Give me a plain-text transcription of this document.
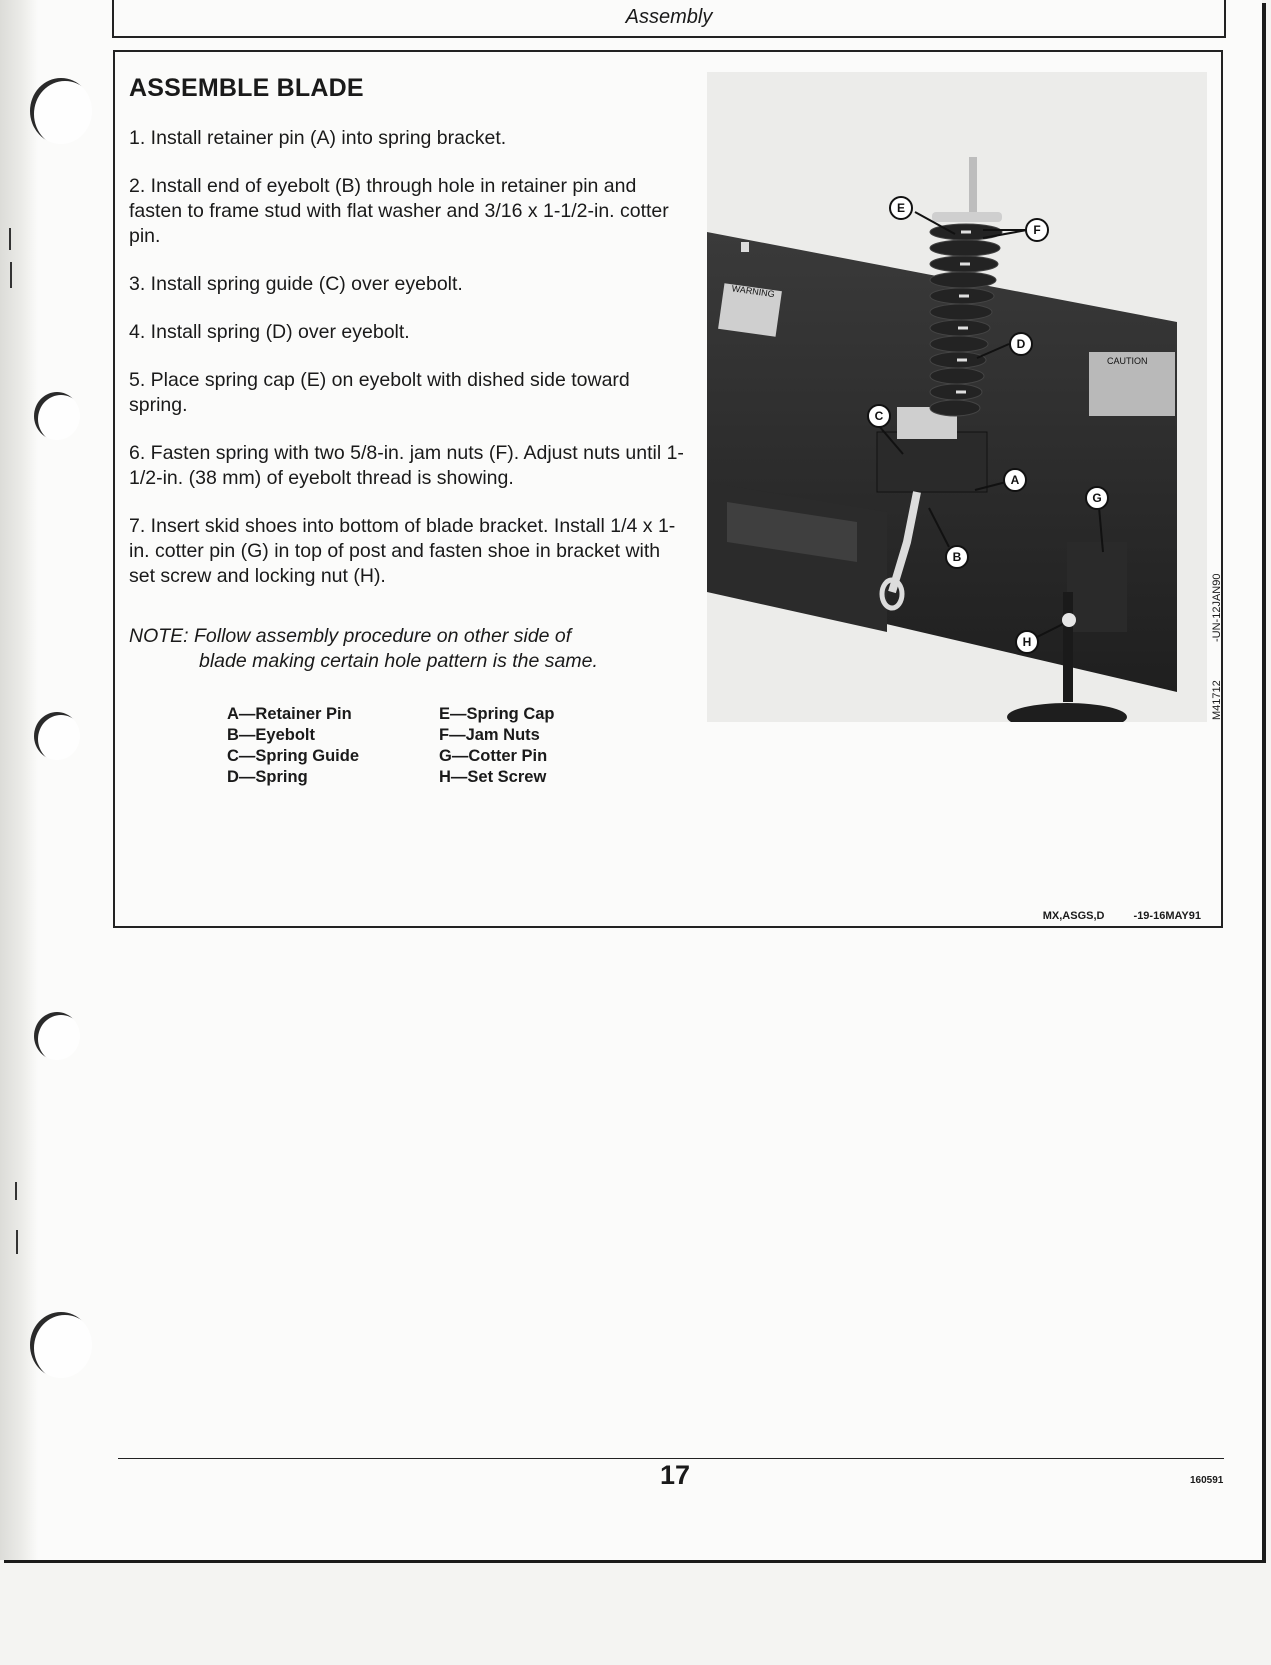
Assembly
ASSEMBLE BLADE

1. Install retainer pin (A) into spring bracket.

2. Install end of eyebolt (B) through hole in retainer pin and fasten to frame stud with flat washer and 3/16 x 1-1/2-in. cotter pin.

3. Install spring guide (C) over eyebolt.

4. Install spring (D) over eyebolt.

5. Place spring cap (E) on eyebolt with dished side toward spring.

6. Fasten spring with two 5/8-in. jam nuts (F). Adjust nuts until 1-1/2-in. (38 mm) of eyebolt thread is showing.

7. Insert skid shoes into bottom of blade bracket. Install 1/4 x 1-in. cotter pin (G) in top of post and fasten shoe in bracket with set screw and locking nut (H).

NOTE: Follow assembly procedure on other side of
blade making certain hole pattern is the same.
A—Retainer Pin
B—Eyebolt
C—Spring Guide
D—Spring
E—Spring Cap
F—Jam Nuts
G—Cotter Pin
H—Set Screw
WARNING
CAUTION
A
B
C
D
E
F
G
H
M41712
-UN-12JAN90
MX,ASGS,D	-19-16MAY91
17	160591
